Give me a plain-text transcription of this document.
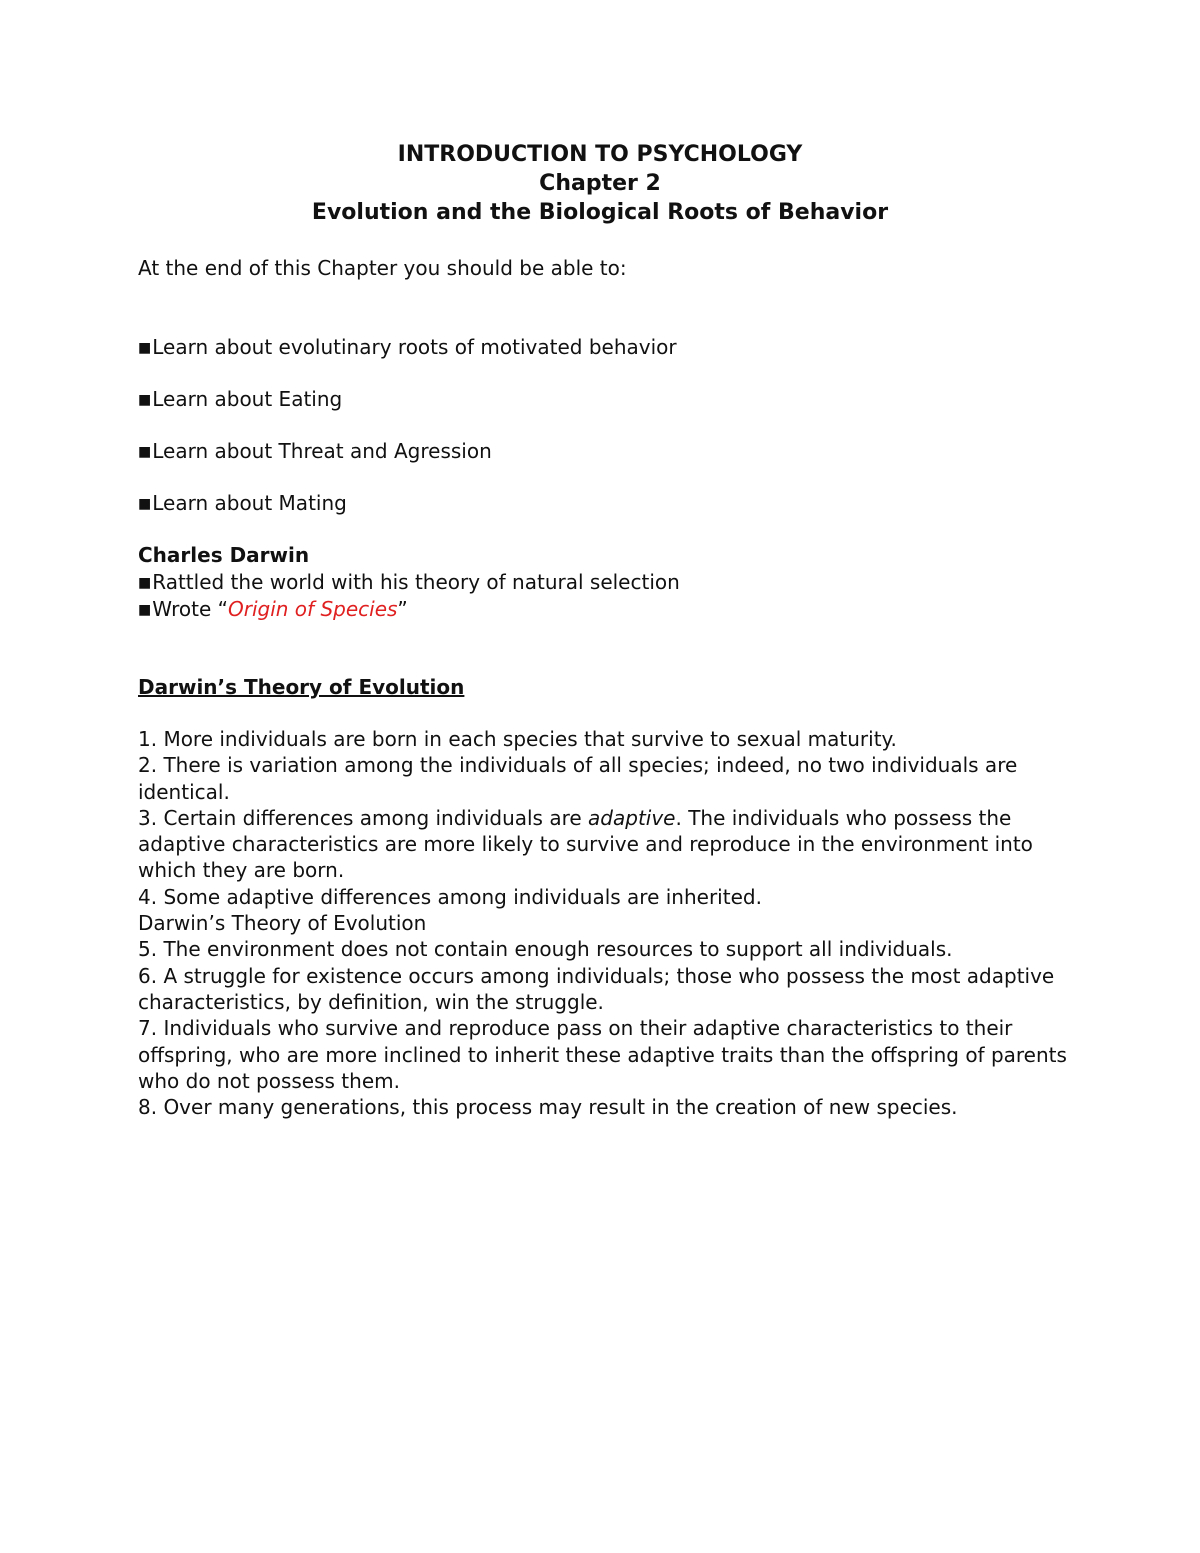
INTRODUCTION TO PSYCHOLOGY
Chapter 2
Evolution and the Biological Roots of Behavior
At the end of this Chapter you should be able to:
■Learn about evolutinary roots of motivated behavior
■Learn about Eating
■Learn about Threat and Agression
■Learn about Mating
Charles Darwin
■Rattled the world with his theory of natural selection
■Wrote “Origin of Species”
Darwin’s Theory of Evolution

1. More individuals are born in each species that survive to sexual maturity.

2. There is variation among the individuals of all species; indeed, no two individuals are identical.

3. Certain differences among individuals are adaptive. The individuals who possess the adaptive characteristics are more likely to survive and reproduce in the environment into which they are born.

4. Some adaptive differences among individuals are inherited.

Darwin’s Theory of Evolution

5. The environment does not contain enough resources to support all individuals.

6. A struggle for existence occurs among individuals; those who possess the most adaptive characteristics, by definition, win the struggle.

7. Individuals who survive and reproduce pass on their adaptive characteristics to their offspring, who are more inclined to inherit these adaptive traits than the offspring of parents who do not possess them.

8. Over many generations, this process may result in the creation of new species.
